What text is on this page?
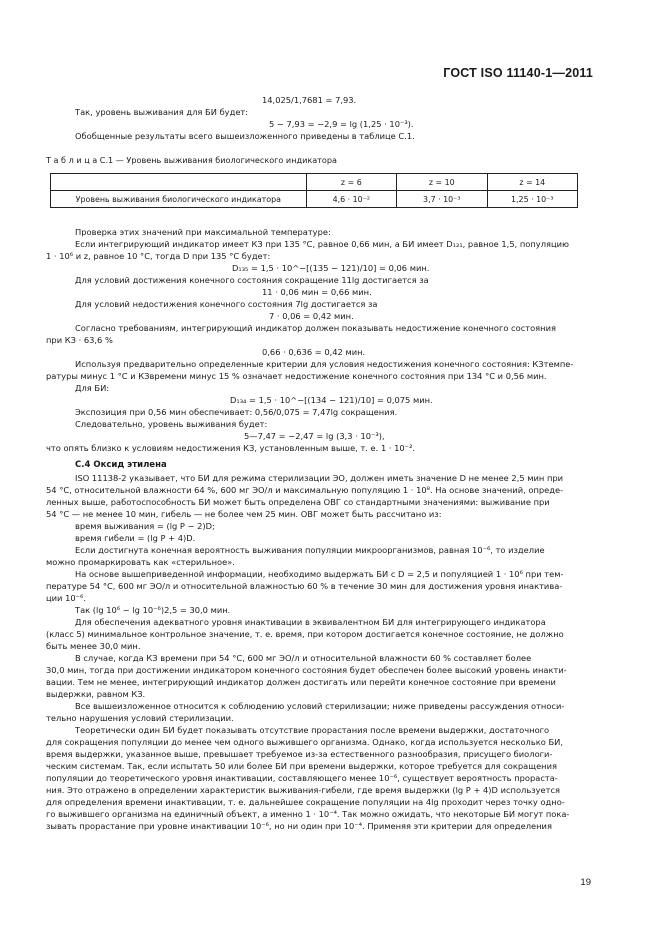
ГОСТ ISO 11140-1—2011
14,025/1,7681 = 7,93.
Так, уровень выживания для БИ будет:
5 − 7,93 = −2,9 = lg (1,25 · 10⁻³).
Обобщенные результаты всего вышеизложенного приведены в таблице С.1.
Т а б л и ц а С.1 — Уровень выживания биологического индикатора
	z = 6	z = 10	z = 14
Уровень выживания биологического индикатора	4,6 · 10⁻²	3,7 · 10⁻³	1,25 · 10⁻³
Проверка этих значений при максимальной температуре:
Если интегрирующий индикатор имеет КЗ при 135 °С, равное 0,66 мин, а БИ имеет D₁₂₁, равное 1,5, популяцию
1 · 10⁶ и z, равное 10 °С, тогда D при 135 °С будет:
D₁₃₅ = 1,5 · 10^−[(135 − 121)/10] = 0,06 мин.
Для условий достижения конечного состояния сокращение 11lg достигается за
11 · 0,06 мин = 0,66 мин.
Для условий недостижения конечного состояния 7lg достигается за
7 · 0,06 = 0,42 мин.
Согласно требованиям, интегрирующий индикатор должен показывать недостижение конечного состояния
при КЗ · 63,6 %
0,66 · 0,636 = 0,42 мин.
Используя предварительно определенные критерии для условия недостижения конечного состояния: КЗтемпе-
ратуры минус 1 °С и КЗвремени минус 15 % означает недостижение конечного состояния при 134 °С и 0,56 мин.
Для БИ:
D₁₃₄ = 1,5 · 10^−[(134 − 121)/10] = 0,075 мин.
Экспозиция при 0,56 мин обеспечивает: 0,56/0,075 = 7,47lg сокращения.
Следовательно, уровень выживания будет:
5—7,47 = −2,47 = lg (3,3 · 10⁻³),
что опять близко к условиям недостижения КЗ, установленным выше, т. е. 1 · 10⁻².
С.4 Оксид этилена
ISO 11138-2 указывает, что БИ для режима стерилизации ЭО, должен иметь значение D не менее 2,5 мин при
54 °С, относительной влажности 64 %, 600 мг ЭО/л и максимальную популяцию 1 · 10⁸. На основе значений, опреде-
ленных выше, работоспособность БИ может быть определена ОВГ со стандартными значениями: выживание при
54 °С — не менее 10 мин, гибель — не более чем 25 мин. ОВГ может быть рассчитано из:
время выживания = (lg P − 2)D;
время гибели = (lg P + 4)D.
Если достигнута конечная вероятность выживания популяции микроорганизмов, равная 10⁻⁶, то изделие
можно промаркировать как «стерильное».
На основе вышеприведенной информации, необходимо выдержать БИ с D = 2,5 и популяцией 1 · 10⁶ при тем-
пературе 54 °С, 600 мг ЭО/л и относительной влажностью 60 % в течение 30 мин для достижения уровня инактива-
ции 10⁻⁶.
Так (lg 10⁶ − lg 10⁻⁶)2,5 = 30,0 мин.
Для обеспечения адекватного уровня инактивации в эквивалентном БИ для интегрирующего индикатора
(класс 5) минимальное контрольное значение, т. е. время, при котором достигается конечное состояние, не должно
быть менее 30,0 мин.
В случае, когда КЗ времени при 54 °С, 600 мг ЭО/л и относительной влажности 60 % составляет более
30,0 мин, тогда при достижении индикатором конечного состояния будет обеспечен более высокий уровень инакти-
вации. Тем не менее, интегрирующий индикатор должен достигать или перейти конечное состояние при времени
выдержки, равном КЗ.
Все вышеизложенное относится к соблюдению условий стерилизации; ниже приведены рассуждения относи-
тельно нарушения условий стерилизации.
Теоретически один БИ будет показывать отсутствие прорастания после времени выдержки, достаточного
для сокращения популяции до менее чем одного выжившего организма. Однако, когда используется несколько БИ,
время выдержки, указанное выше, превышает требуемое из-за естественного разнообразия, присущего биологи-
ческим системам. Так, если испытать 50 или более БИ при времени выдержки, которое требуется для сокращения
популяции до теоретического уровня инактивации, составляющего менее 10⁻⁶, существует вероятность прораста-
ния. Это отражено в определении характеристик выживания-гибели, где время выдержки (lg P + 4)D используется
для определения времени инактивации, т. е. дальнейшее сокращение популяции на 4lg проходит через точку одно-
го выжившего организма на единичный объект, а именно 1 · 10⁻⁴. Так можно ожидать, что некоторые БИ могут пока-
зывать прорастание при уровне инактивации 10⁻⁶, но ни один при 10⁻⁴. Применяя эти критерии для определения
19
